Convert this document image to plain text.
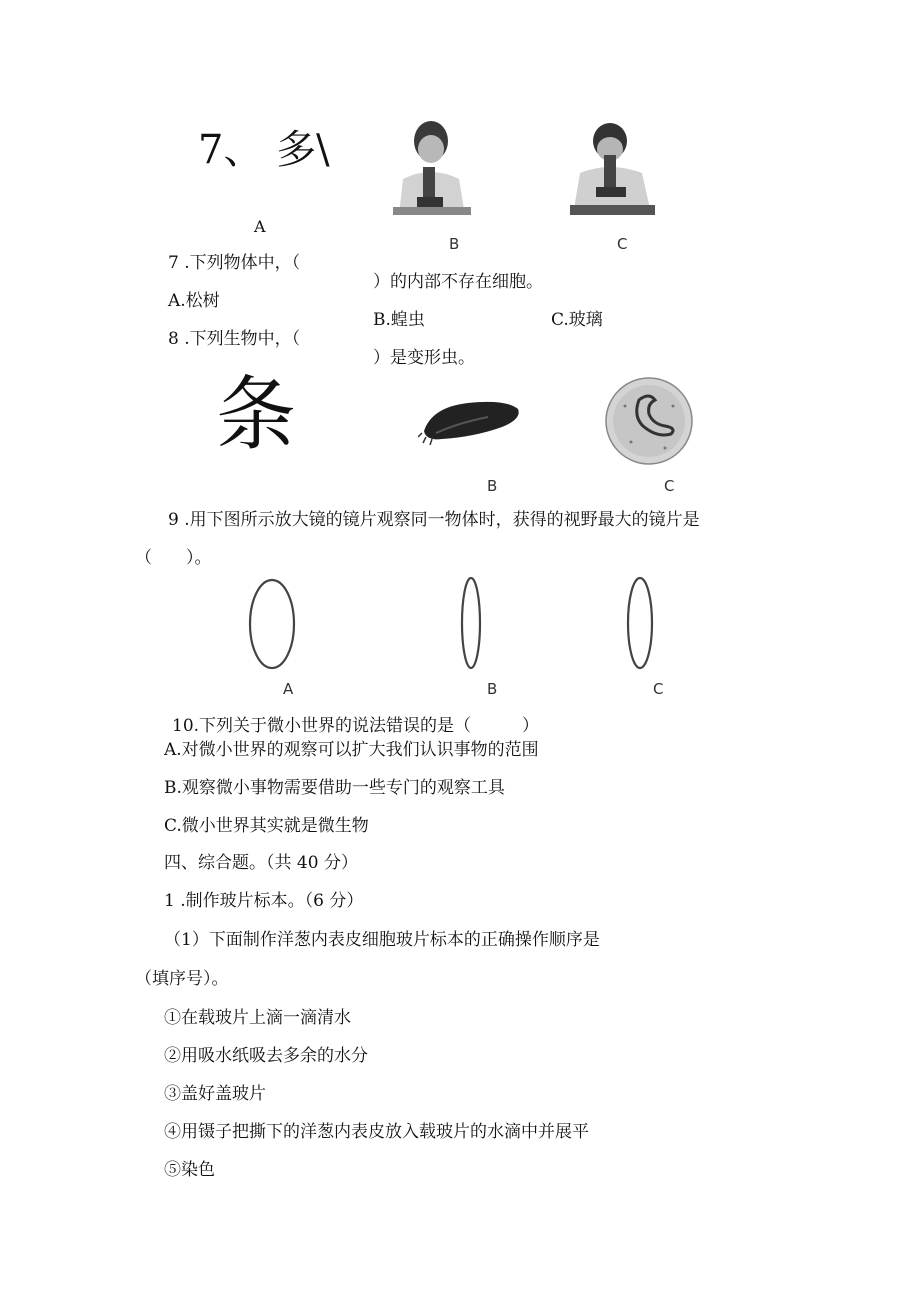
7、 多\
A
B	C
7 .下列物体中，（
）的内部不存在细胞。
A.松树
B.蝗虫	C.玻璃
8 .下列生物中，（
）是变形虫。
条
B	C
9 .用下图所示放大镜的镜片观察同一物体时，获得的视野最大的镜片是
（　　）。
A	B	C
10.下列关于微小世界的说法错误的是（　　　）
A.对微小世界的观察可以扩大我们认识事物的范围
B.观察微小事物需要借助一些专门的观察工具
C.微小世界其实就是微生物
四、综合题。（共 40 分）
1 .制作玻片标本。（6 分）
（1）下面制作洋葱内表皮细胞玻片标本的正确操作顺序是
（填序号）。
①在载玻片上滴一滴清水
②用吸水纸吸去多余的水分
③盖好盖玻片
④用镊子把撕下的洋葱内表皮放入载玻片的水滴中并展平
⑤染色
